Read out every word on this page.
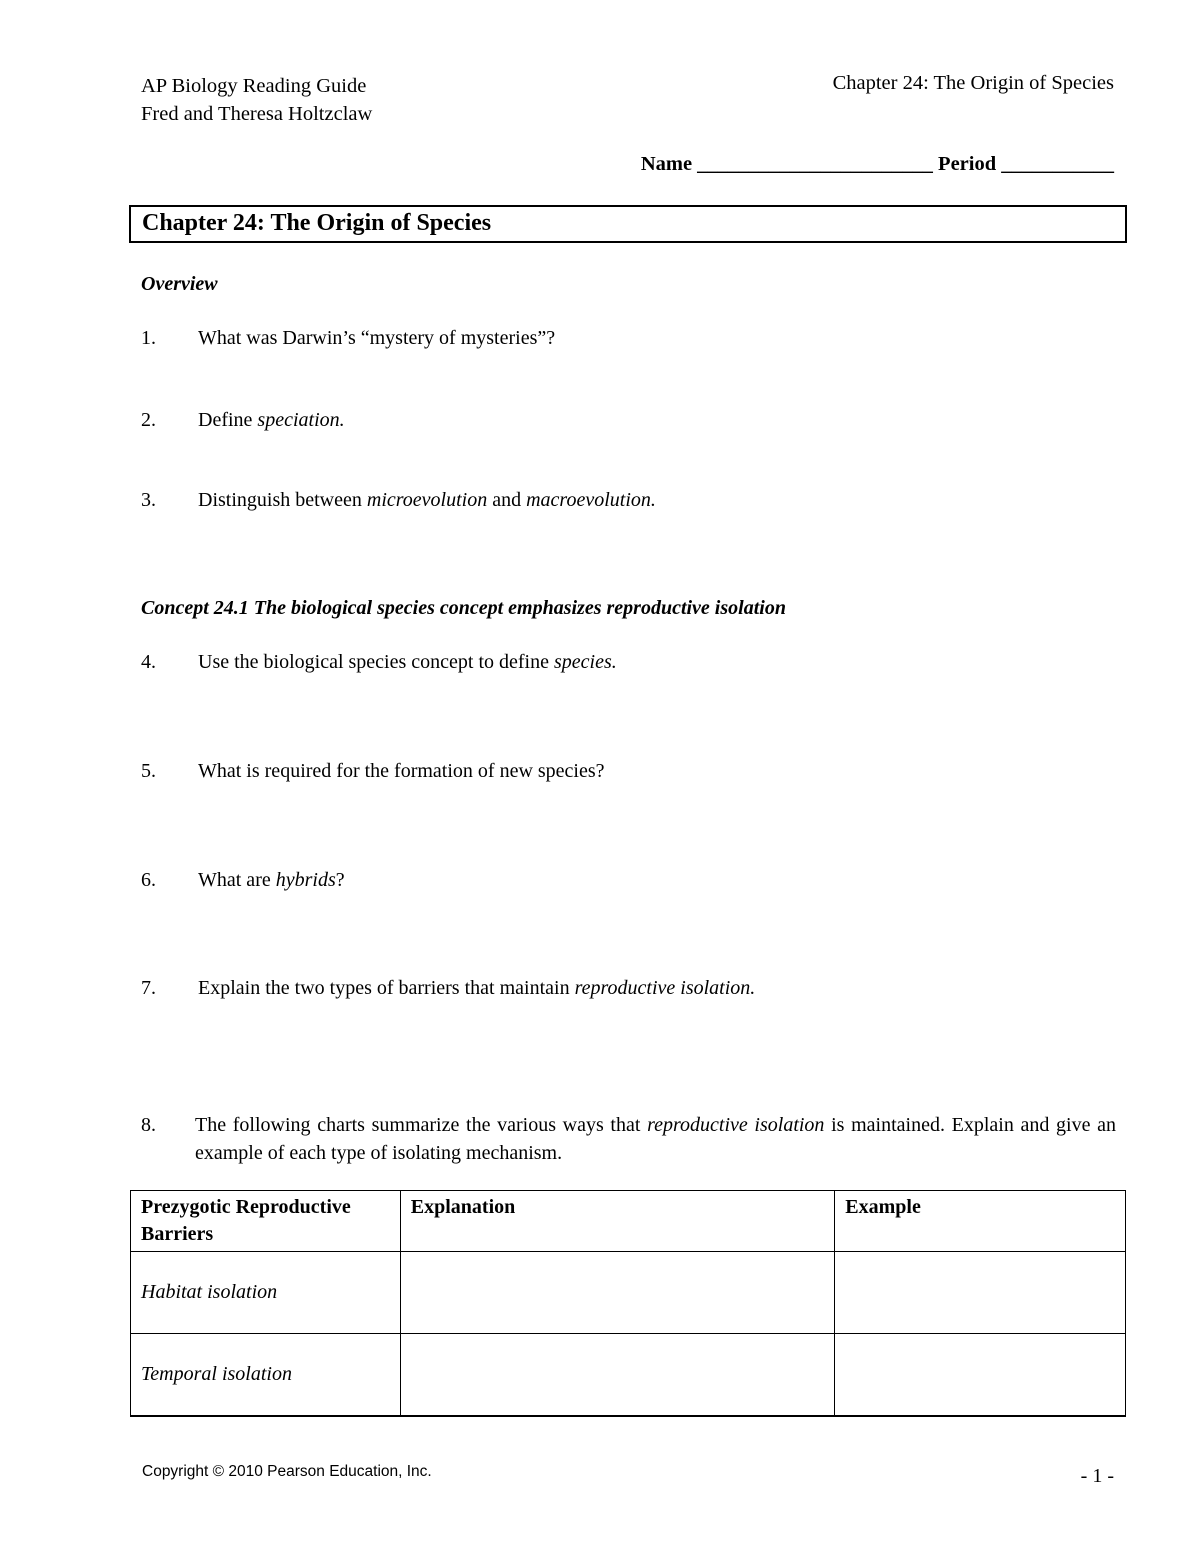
AP Biology Reading Guide
Fred and Theresa Holtzclaw
Chapter 24: The Origin of Species
Name _______________________ Period ___________
Chapter 24: The Origin of Species
Overview
1. What was Darwin’s “mystery of mysteries”?
2. Define speciation.
3. Distinguish between microevolution and macroevolution.
Concept 24.1 The biological species concept emphasizes reproductive isolation
4. Use the biological species concept to define species.
5. What is required for the formation of new species?
6. What are hybrids?
7. Explain the two types of barriers that maintain reproductive isolation.
8. The following charts summarize the various ways that reproductive isolation is maintained. Explain and give an example of each type of isolating mechanism.
Prezygotic Reproductive Barriers	Explanation	Example
Habitat isolation		
Temporal isolation		
Copyright © 2010 Pearson Education, Inc.	- 1 -
